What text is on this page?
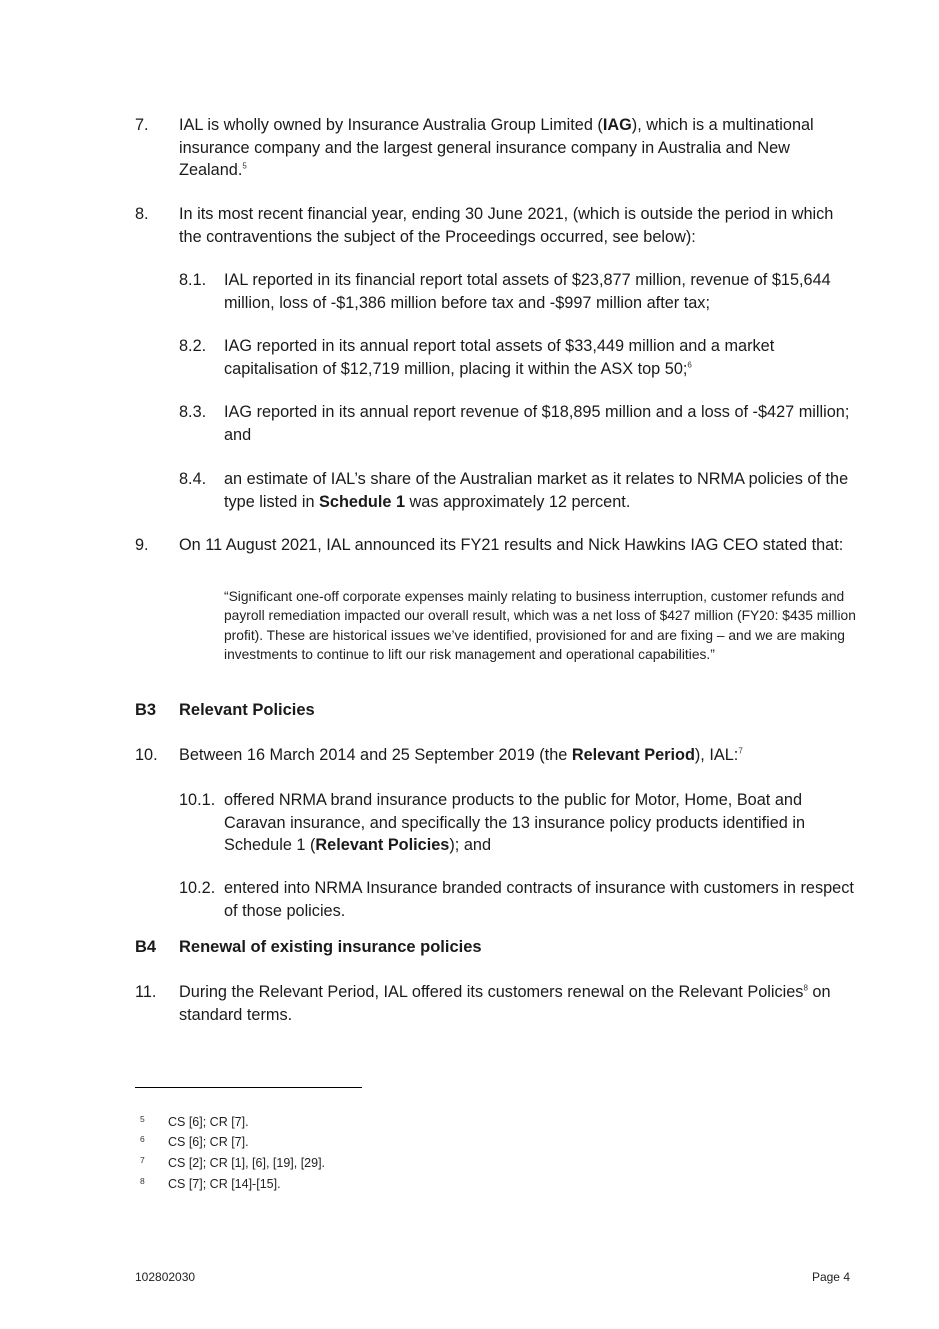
7. IAL is wholly owned by Insurance Australia Group Limited (IAG), which is a multinational insurance company and the largest general insurance company in Australia and New Zealand.$^5$
8. In its most recent financial year, ending 30 June 2021, (which is outside the period in which the contraventions the subject of the Proceedings occurred, see below):
8.1. IAL reported in its financial report total assets of $23,877 million, revenue of $15,644 million, loss of -$1,386 million before tax and -$997 million after tax;
8.2. IAG reported in its annual report total assets of $33,449 million and a market capitalisation of $12,719 million, placing it within the ASX top 50;$^6$
8.3. IAG reported in its annual report revenue of $18,895 million and a loss of -$427 million; and
8.4. an estimate of IAL’s share of the Australian market as it relates to NRMA policies of the type listed in Schedule 1 was approximately 12 percent.
9. On 11 August 2021, IAL announced its FY21 results and Nick Hawkins IAG CEO stated that:
“Significant one-off corporate expenses mainly relating to business interruption, customer refunds and payroll remediation impacted our overall result, which was a net loss of $427 million (FY20: $435 million profit). These are historical issues we’ve identified, provisioned for and are fixing – and we are making investments to continue to lift our risk management and operational capabilities.”
B3 Relevant Policies
10. Between 16 March 2014 and 25 September 2019 (the Relevant Period), IAL:$^7$
10.1. offered NRMA brand insurance products to the public for Motor, Home, Boat and Caravan insurance, and specifically the 13 insurance policy products identified in Schedule 1 (Relevant Policies); and
10.2. entered into NRMA Insurance branded contracts of insurance with customers in respect of those policies.
B4 Renewal of existing insurance policies
11. During the Relevant Period, IAL offered its customers renewal on the Relevant Policies$^8$ on standard terms.
5 CS [6]; CR [7].
6 CS [6]; CR [7].
7 CS [2]; CR [1], [6], [19], [29].
8 CS [7]; CR [14]-[15].
102802030	Page 4
